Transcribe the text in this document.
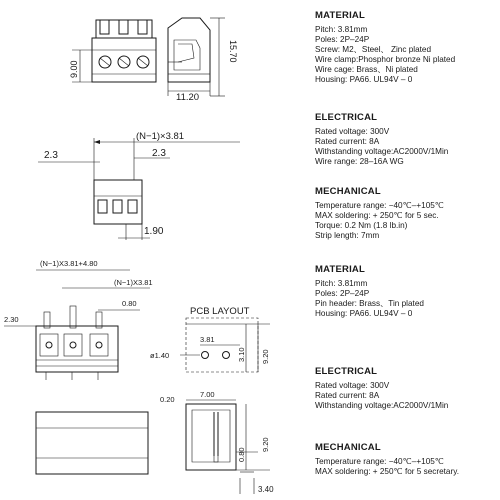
9.00
15.70
11.20
(N−1)×3.81
2.3	2.3
1.90
(N−1)X3.81+4.80
(N−1)X3.81
0.80
2.30
PCB LAYOUT
3.81
ø1.40	3.10 9.20
0.20
7.00
0.80
9.20
3.40
MATERIAL
Pitch: 3.81mm
Poles: 2P–24P
Screw: M2、Steel、 Zinc plated
Wire clamp:Phosphor bronze Ni plated
Wire cage: Brass、Ni plated
Housing: PA66. UL94V – 0
ELECTRICAL
Rated voltage: 300V
Rated current: 8A
Withstanding voltage:AC2000V/1Min
Wire range: 28–16A WG
MECHANICAL
Temperature range: −40℃–+105℃
MAX soldering: + 250℃ for 5 sec.
Torque: 0.2 Nm (1.8 lb.in)
Strip length: 7mm
MATERIAL
Pitch: 3.81mm
Poles: 2P–24P
Pin header: Brass、Tin plated
Housing: PA66. UL94V – 0
ELECTRICAL
Rated voltage: 300V
Rated current: 8A
Withstanding voltage:AC2000V/1Min
MECHANICAL
Temperature range: −40℃–+105℃
MAX soldering: + 250℃ for 5 secretary.
